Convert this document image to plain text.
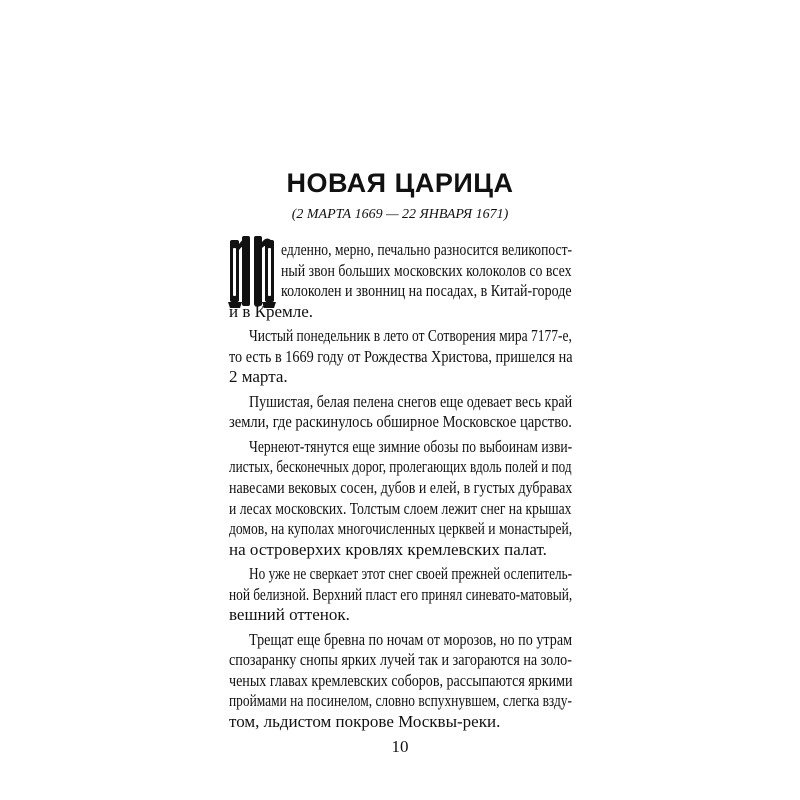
НОВАЯ ЦАРИЦА
(2 МАРТА 1669 — 22 ЯНВАРЯ 1671)
едленно, мерно, печально разносится великопост-
ный звон больших московских колоколов со всех
колоколен и звонниц на посадах, в Китай-городе
и в Кремле.
Чистый понедельник в лето от Сотворения мира 7177-е,
то есть в 1669 году от Рождества Христова, пришелся на
2 марта.
Пушистая, белая пелена снегов еще одевает весь край
земли, где раскинулось обширное Московское царство.
Чернеют-тянутся еще зимние обозы по выбоинам изви-
листых, бесконечных дорог, пролегающих вдоль полей и под
навесами вековых сосен, дубов и елей, в густых дубравах
и лесах московских. Толстым слоем лежит снег на крышах
домов, на куполах многочисленных церквей и монастырей,
на островерхих кровлях кремлевских палат.
Но уже не сверкает этот снег своей прежней ослепитель-
ной белизной. Верхний пласт его принял синевато-матовый,
вешний оттенок.
Трещат еще бревна по ночам от морозов, но по утрам
спозаранку снопы ярких лучей так и загораются на золо-
ченых главах кремлевских соборов, рассыпаются яркими
проймами на посинелом, словно вспухнувшем, слегка взду-
том, льдистом покрове Москвы-реки.
10
